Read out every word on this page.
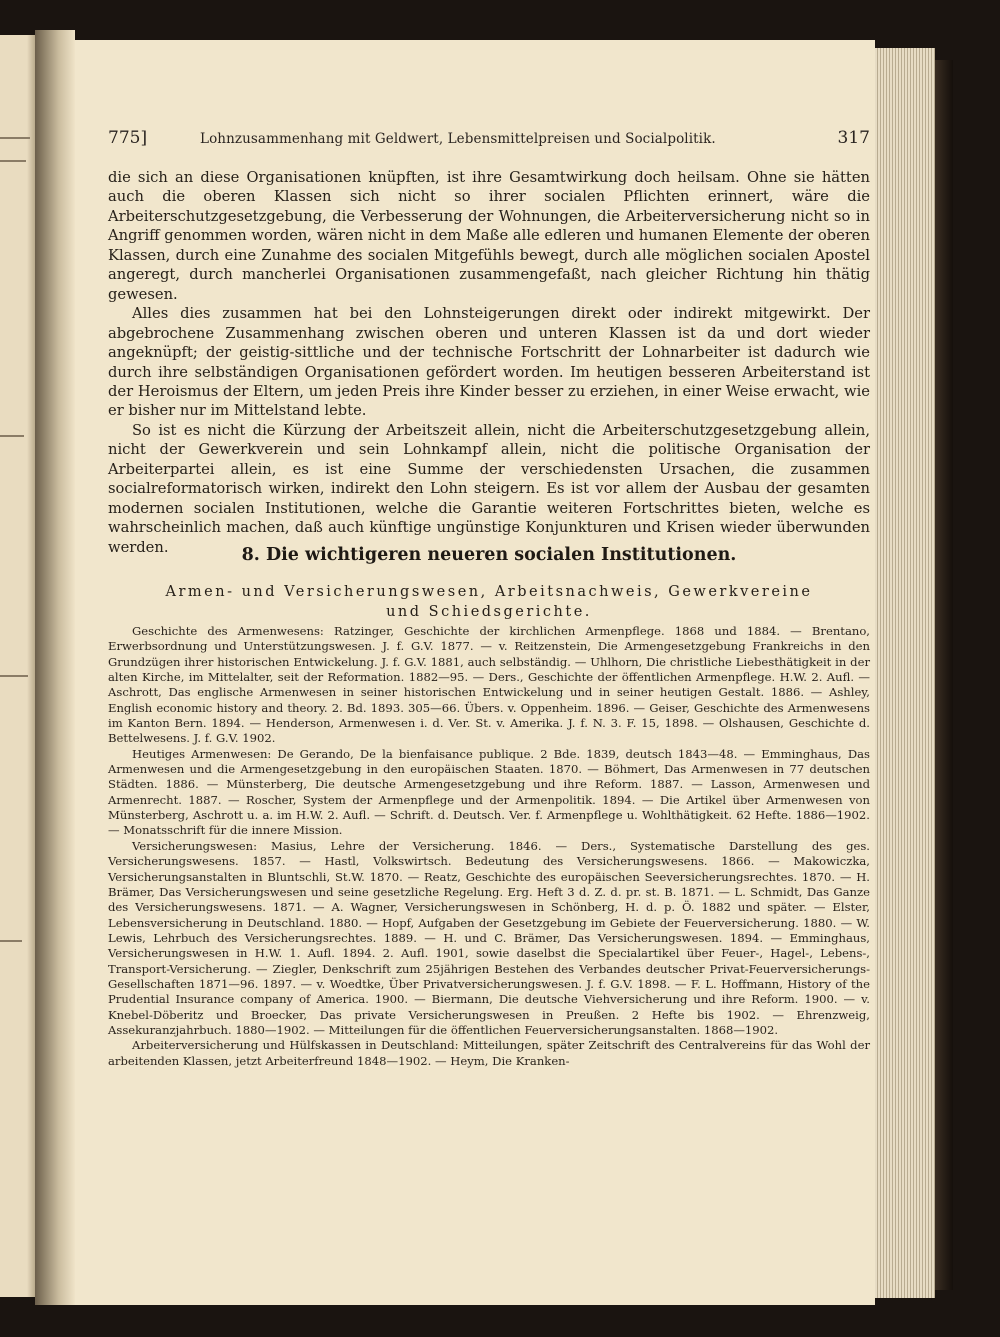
775]	Lohnzusammenhang mit Geldwert, Lebensmittelpreisen und Socialpolitik.	317

die sich an diese Organisationen knüpften, ist ihre Gesamtwirkung doch heilsam. Ohne sie hätten auch die oberen Klassen sich nicht so ihrer socialen Pflichten erinnert, wäre die Arbeiterschutzgesetzgebung, die Verbesserung der Wohnungen, die Arbeiterversicherung nicht so in Angriff genommen worden, wären nicht in dem Maße alle edleren und humanen Elemente der oberen Klassen, durch eine Zunahme des socialen Mitgefühls bewegt, durch alle möglichen socialen Apostel angeregt, durch mancherlei Organisationen zusammengefaßt, nach gleicher Richtung hin thätig gewesen.

Alles dies zusammen hat bei den Lohnsteigerungen direkt oder indirekt mitgewirkt. Der abgebrochene Zusammenhang zwischen oberen und unteren Klassen ist da und dort wieder angeknüpft; der geistig-sittliche und der technische Fortschritt der Lohnarbeiter ist dadurch wie durch ihre selbständigen Organisationen gefördert worden. Im heutigen besseren Arbeiterstand ist der Heroismus der Eltern, um jeden Preis ihre Kinder besser zu erziehen, in einer Weise erwacht, wie er bisher nur im Mittelstand lebte.

So ist es nicht die Kürzung der Arbeitszeit allein, nicht die Arbeiterschutzgesetzgebung allein, nicht der Gewerkverein und sein Lohnkampf allein, nicht die politische Organisation der Arbeiterpartei allein, es ist eine Summe der verschiedensten Ursachen, die zusammen socialreformatorisch wirken, indirekt den Lohn steigern. Es ist vor allem der Ausbau der gesamten modernen socialen Institutionen, welche die Garantie weiteren Fortschrittes bieten, welche es wahrscheinlich machen, daß auch künftige ungünstige Konjunkturen und Krisen wieder überwunden werden.	8. Die wichtigeren neueren socialen Institutionen.
Armen- und Versicherungswesen, Arbeitsnachweis, Gewerkvereine
und Schiedsgerichte.

Geschichte des Armenwesens: Ratzinger, Geschichte der kirchlichen Armenpflege. 1868 und 1884. — Brentano, Erwerbsordnung und Unterstützungswesen. J. f. G.V. 1877. — v. Reitzenstein, Die Armengesetzgebung Frankreichs in den Grundzügen ihrer historischen Entwickelung. J. f. G.V. 1881, auch selbständig. — Uhlhorn, Die christliche Liebesthätigkeit in der alten Kirche, im Mittelalter, seit der Reformation. 1882—95. — Ders., Geschichte der öffentlichen Armenpflege. H.W. 2. Aufl. — Aschrott, Das englische Armenwesen in seiner historischen Entwickelung und in seiner heutigen Gestalt. 1886. — Ashley, English economic history and theory. 2. Bd. 1893. 305—66. Übers. v. Oppenheim. 1896. — Geiser, Geschichte des Armenwesens im Kanton Bern. 1894. — Henderson, Armenwesen i. d. Ver. St. v. Amerika. J. f. N. 3. F. 15, 1898. — Olshausen, Geschichte d. Bettelwesens. J. f. G.V. 1902.

Heutiges Armenwesen: De Gerando, De la bienfaisance publique. 2 Bde. 1839, deutsch 1843—48. — Emminghaus, Das Armenwesen und die Armengesetzgebung in den europäischen Staaten. 1870. — Böhmert, Das Armenwesen in 77 deutschen Städten. 1886. — Münsterberg, Die deutsche Armengesetzgebung und ihre Reform. 1887. — Lasson, Armenwesen und Armenrecht. 1887. — Roscher, System der Armenpflege und der Armenpolitik. 1894. — Die Artikel über Armenwesen von Münsterberg, Aschrott u. a. im H.W. 2. Aufl. — Schrift. d. Deutsch. Ver. f. Armenpflege u. Wohlthätigkeit. 62 Hefte. 1886—1902. — Monatsschrift für die innere Mission.

Versicherungswesen: Masius, Lehre der Versicherung. 1846. — Ders., Systematische Darstellung des ges. Versicherungswesens. 1857. — Hastl, Volkswirtsch. Bedeutung des Versicherungswesens. 1866. — Makowiczka, Versicherungsanstalten in Bluntschli, St.W. 1870. — Reatz, Geschichte des europäischen Seeversicherungsrechtes. 1870. — H. Brämer, Das Versicherungswesen und seine gesetzliche Regelung. Erg. Heft 3 d. Z. d. pr. st. B. 1871. — L. Schmidt, Das Ganze des Versicherungswesens. 1871. — A. Wagner, Versicherungswesen in Schönberg, H. d. p. Ö. 1882 und später. — Elster, Lebensversicherung in Deutschland. 1880. — Hopf, Aufgaben der Gesetzgebung im Gebiete der Feuerversicherung. 1880. — W. Lewis, Lehrbuch des Versicherungsrechtes. 1889. — H. und C. Brämer, Das Versicherungswesen. 1894. — Emminghaus, Versicherungswesen in H.W. 1. Aufl. 1894. 2. Aufl. 1901, sowie daselbst die Specialartikel über Feuer-, Hagel-, Lebens-, Transport-Versicherung. — Ziegler, Denkschrift zum 25jährigen Bestehen des Verbandes deutscher Privat-Feuerversicherungs-Gesellschaften 1871—96. 1897. — v. Woedtke, Über Privatversicherungswesen. J. f. G.V. 1898. — F. L. Hoffmann, History of the Prudential Insurance company of America. 1900. — Biermann, Die deutsche Viehversicherung und ihre Reform. 1900. — v. Knebel-Döberitz und Broecker, Das private Versicherungswesen in Preußen. 2 Hefte bis 1902. — Ehrenzweig, Assekuranzjahrbuch. 1880—1902. — Mitteilungen für die öffentlichen Feuerversicherungsanstalten. 1868—1902.

Arbeiterversicherung und Hülfskassen in Deutschland: Mitteilungen, später Zeitschrift des Centralvereins für das Wohl der arbeitenden Klassen, jetzt Arbeiterfreund 1848—1902. — Heym, Die Kranken-
